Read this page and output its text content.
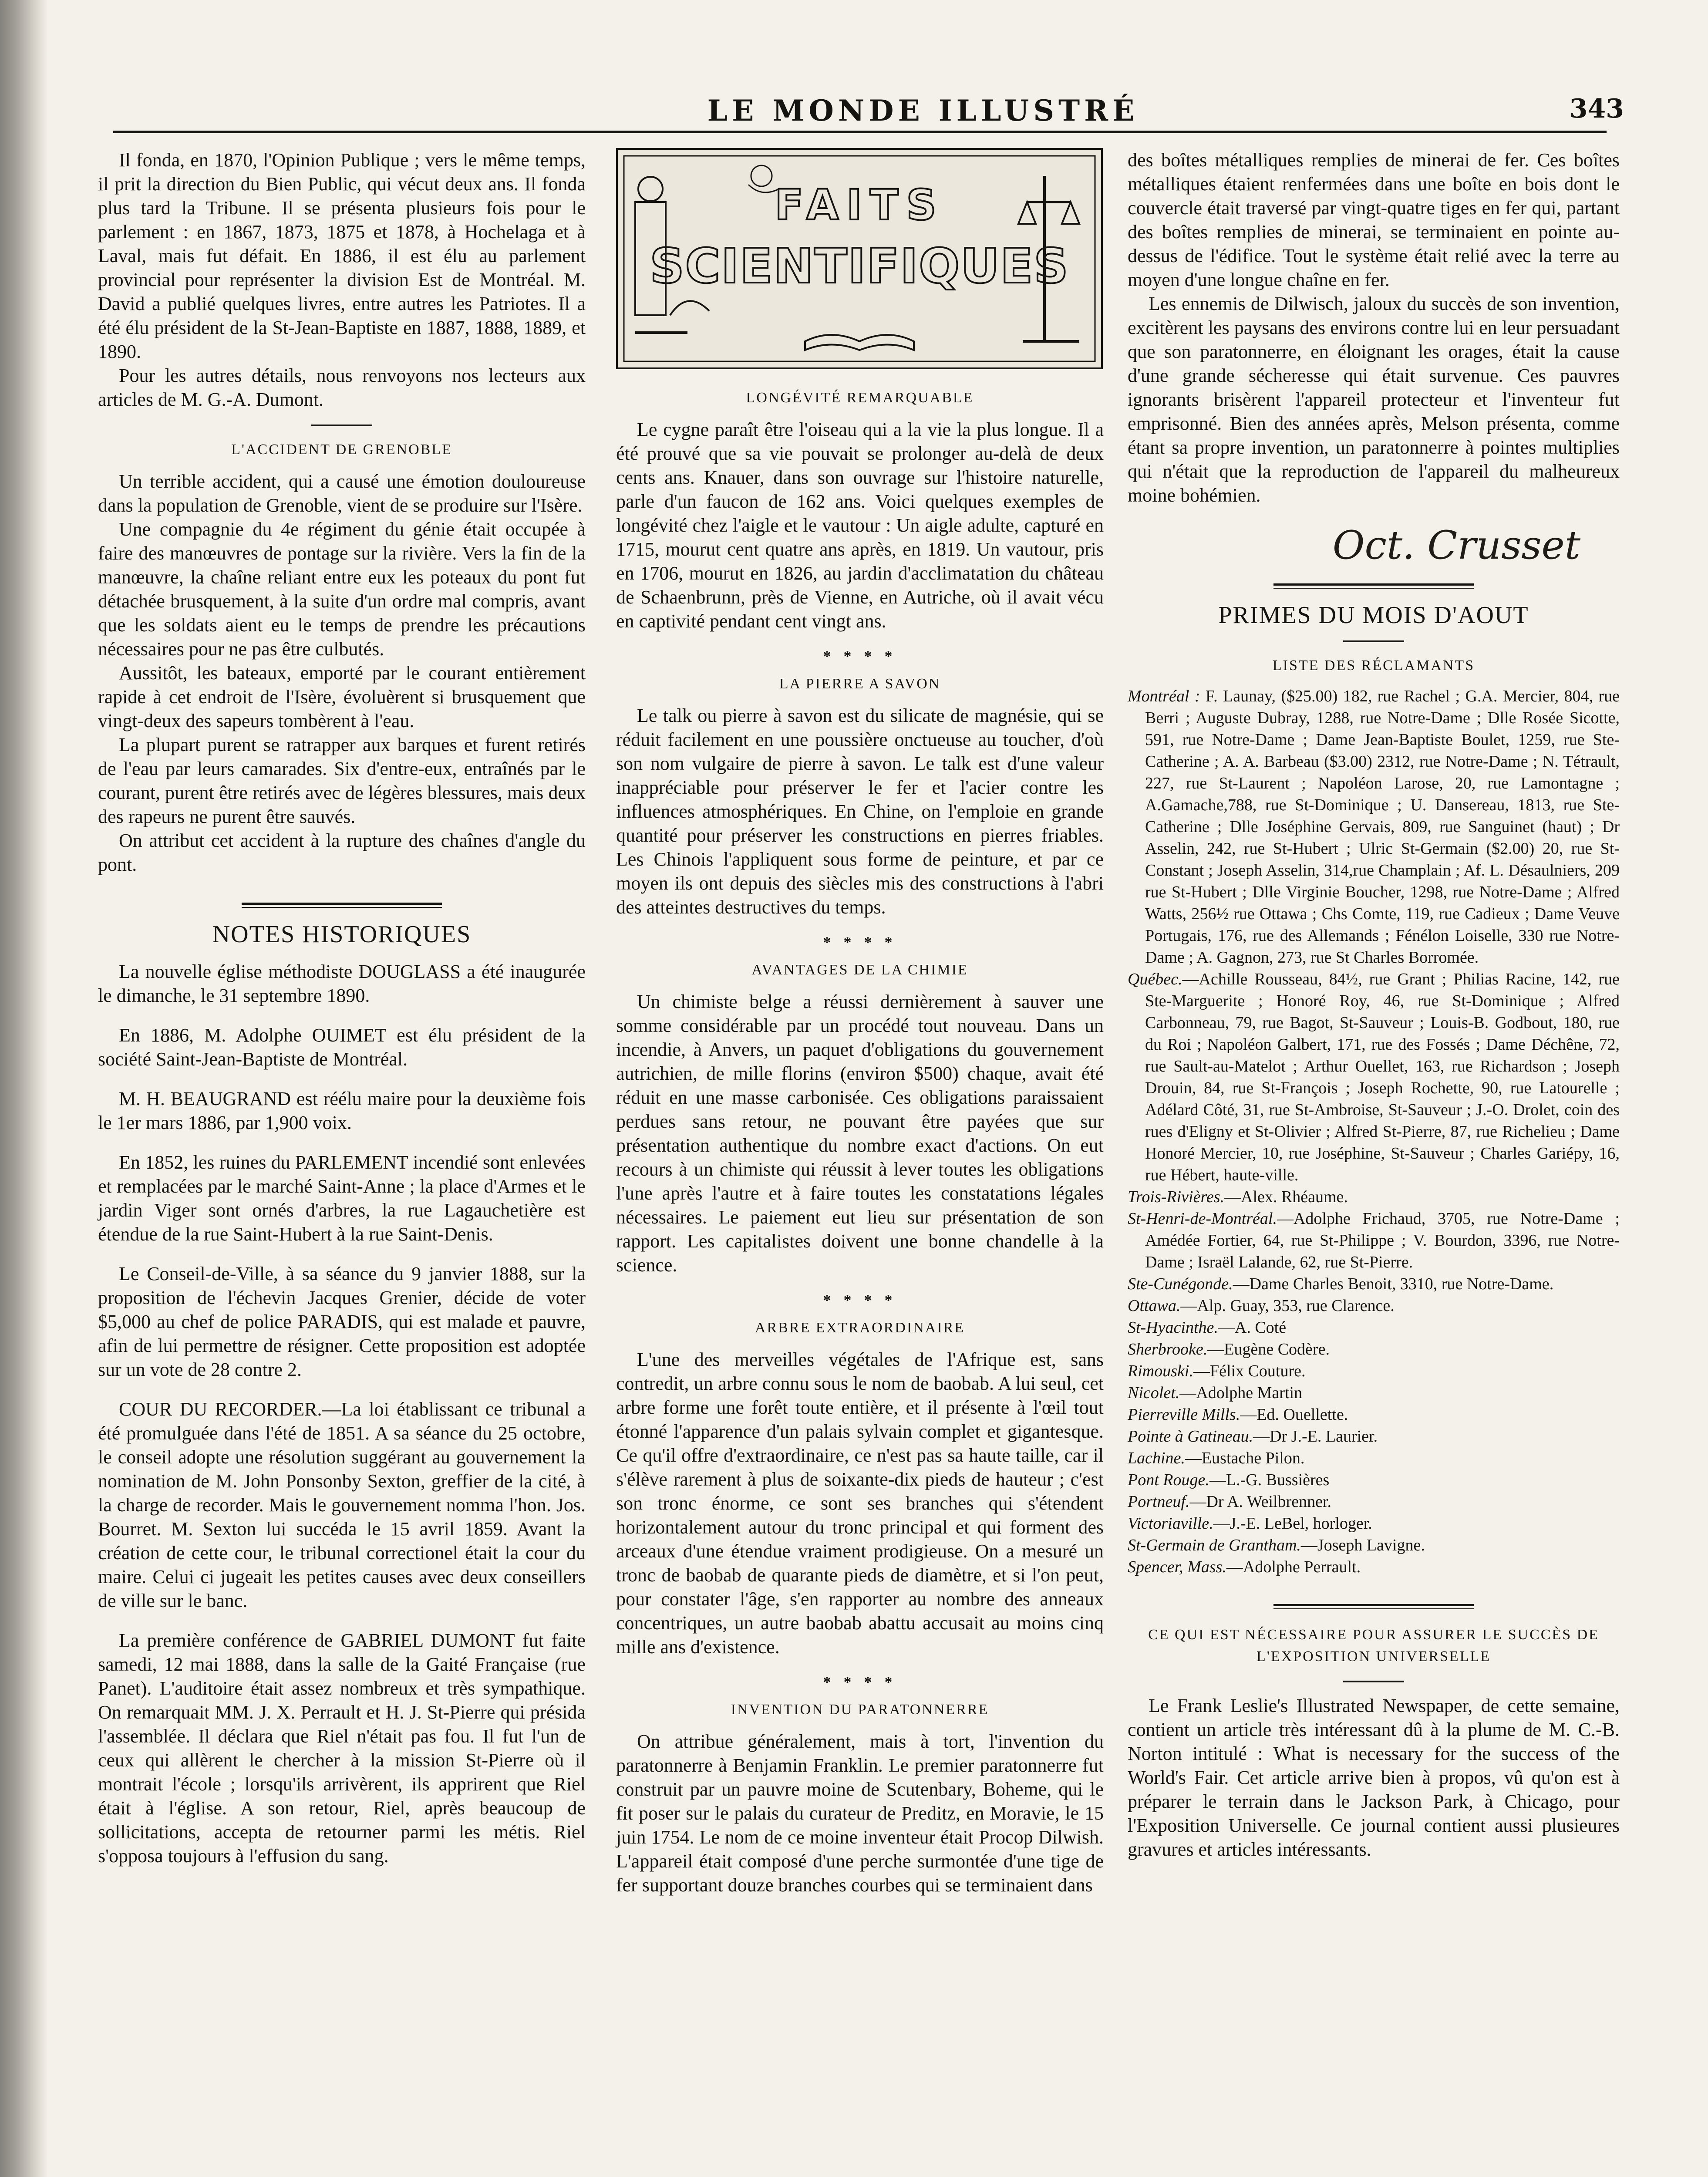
LE MONDE ILLUSTRÉ	343

Il fonda, en 1870, l'Opinion Publique ; vers le même temps, il prit la direction du Bien Public, qui vécut deux ans. Il fonda plus tard la Tribune. Il se présenta plusieurs fois pour le parlement : en 1867, 1873, 1875 et 1878, à Hochelaga et à Laval, mais fut défait. En 1886, il est élu au parlement provincial pour représenter la division Est de Montréal. M. David a publié quelques livres, entre autres les Patriotes. Il a été élu président de la St-Jean-Baptiste en 1887, 1888, 1889, et 1890.

Pour les autres détails, nous renvoyons nos lecteurs aux articles de M. G.-A. Dumont.

L'ACCIDENT DE GRENOBLE

Un terrible accident, qui a causé une émotion douloureuse dans la population de Grenoble, vient de se produire sur l'Isère.

Une compagnie du 4e régiment du génie était occupée à faire des manœuvres de pontage sur la rivière. Vers la fin de la manœuvre, la chaîne reliant entre eux les poteaux du pont fut détachée brusquement, à la suite d'un ordre mal compris, avant que les soldats aient eu le temps de prendre les précautions nécessaires pour ne pas être culbutés.

Aussitôt, les bateaux, emporté par le courant entièrement rapide à cet endroit de l'Isère, évoluèrent si brusquement que vingt-deux des sapeurs tombèrent à l'eau.

La plupart purent se ratrapper aux barques et furent retirés de l'eau par leurs camarades. Six d'entre-eux, entraînés par le courant, purent être retirés avec de légères blessures, mais deux des rapeurs ne purent être sauvés.

On attribut cet accident à la rupture des chaînes d'angle du pont.

NOTES HISTORIQUES

La nouvelle église méthodiste DOUGLASS a été inaugurée le dimanche, le 31 septembre 1890.

En 1886, M. Adolphe OUIMET est élu président de la société Saint-Jean-Baptiste de Montréal.

M. H. BEAUGRAND est réélu maire pour la deuxième fois le 1er mars 1886, par 1,900 voix.

En 1852, les ruines du PARLEMENT incendié sont enlevées et remplacées par le marché Saint-Anne ; la place d'Armes et le jardin Viger sont ornés d'arbres, la rue Lagauchetière est étendue de la rue Saint-Hubert à la rue Saint-Denis.

Le Conseil-de-Ville, à sa séance du 9 janvier 1888, sur la proposition de l'échevin Jacques Grenier, décide de voter $5,000 au chef de police PARADIS, qui est malade et pauvre, afin de lui permettre de résigner. Cette proposition est adoptée sur un vote de 28 contre 2.

COUR DU RECORDER.—La loi établissant ce tribunal a été promulguée dans l'été de 1851. A sa séance du 25 octobre, le conseil adopte une résolution suggérant au gouvernement la nomination de M. John Ponsonby Sexton, greffier de la cité, à la charge de recorder. Mais le gouvernement nomma l'hon. Jos. Bourret. M. Sexton lui succéda le 15 avril 1859. Avant la création de cette cour, le tribunal correctionel était la cour du maire. Celui ci jugeait les petites causes avec deux conseillers de ville sur le banc.

La première conférence de GABRIEL DUMONT fut faite samedi, 12 mai 1888, dans la salle de la Gaité Française (rue Panet). L'auditoire était assez nombreux et très sympathique. On remarquait MM. J. X. Perrault et H. J. St-Pierre qui présida l'assemblée. Il déclara que Riel n'était pas fou. Il fut l'un de ceux qui allèrent le chercher à la mission St-Pierre où il montrait l'école ; lorsqu'ils arrivèrent, ils apprirent que Riel était à l'église. A son retour, Riel, après beaucoup de sollicitations, accepta de retourner parmi les métis. Riel s'opposa toujours à l'effusion du sang.

FAITS
SCIENTIFIQUES
LONGÉVITÉ REMARQUABLE

Le cygne paraît être l'oiseau qui a la vie la plus longue. Il a été prouvé que sa vie pouvait se prolonger au-delà de deux cents ans. Knauer, dans son ouvrage sur l'histoire naturelle, parle d'un faucon de 162 ans. Voici quelques exemples de longévité chez l'aigle et le vautour : Un aigle adulte, capturé en 1715, mourut cent quatre ans après, en 1819. Un vautour, pris en 1706, mourut en 1826, au jardin d'acclimatation du château de Schaenbrunn, près de Vienne, en Autriche, où il avait vécu en captivité pendant cent vingt ans.

* * * *
LA PIERRE A SAVON

Le talk ou pierre à savon est du silicate de magnésie, qui se réduit facilement en une poussière onctueuse au toucher, d'où son nom vulgaire de pierre à savon. Le talk est d'une valeur inappréciable pour préserver le fer et l'acier contre les influences atmosphériques. En Chine, on l'emploie en grande quantité pour préserver les constructions en pierres friables. Les Chinois l'appliquent sous forme de peinture, et par ce moyen ils ont depuis des siècles mis des constructions à l'abri des atteintes destructives du temps.

* * * *
AVANTAGES DE LA CHIMIE

Un chimiste belge a réussi dernièrement à sauver une somme considérable par un procédé tout nouveau. Dans un incendie, à Anvers, un paquet d'obligations du gouvernement autrichien, de mille florins (environ $500) chaque, avait été réduit en une masse carbonisée. Ces obligations paraissaient perdues sans retour, ne pouvant être payées que sur présentation authentique du nombre exact d'actions. On eut recours à un chimiste qui réussit à lever toutes les obligations l'une après l'autre et à faire toutes les constatations légales nécessaires. Le paiement eut lieu sur présentation de son rapport. Les capitalistes doivent une bonne chandelle à la science.

* * * *
ARBRE EXTRAORDINAIRE

L'une des merveilles végétales de l'Afrique est, sans contredit, un arbre connu sous le nom de baobab. A lui seul, cet arbre forme une forêt toute entière, et il présente à l'œil tout étonné l'apparence d'un palais sylvain complet et gigantesque. Ce qu'il offre d'extraordinaire, ce n'est pas sa haute taille, car il s'élève rarement à plus de soixante-dix pieds de hauteur ; c'est son tronc énorme, ce sont ses branches qui s'étendent horizontalement autour du tronc principal et qui forment des arceaux d'une étendue vraiment prodigieuse. On a mesuré un tronc de baobab de quarante pieds de diamètre, et si l'on peut, pour constater l'âge, s'en rapporter au nombre des anneaux concentriques, un autre baobab abattu accusait au moins cinq mille ans d'existence.

* * * *
INVENTION DU PARATONNERRE

On attribue généralement, mais à tort, l'invention du paratonnerre à Benjamin Franklin. Le premier paratonnerre fut construit par un pauvre moine de Scutenbary, Boheme, qui le fit poser sur le palais du curateur de Preditz, en Moravie, le 15 juin 1754. Le nom de ce moine inventeur était Procop Dilwish. L'appareil était composé d'une perche surmontée d'une tige de fer supportant douze branches courbes qui se terminaient dans

des boîtes métalliques remplies de minerai de fer. Ces boîtes métalliques étaient renfermées dans une boîte en bois dont le couvercle était traversé par vingt-quatre tiges en fer qui, partant des boîtes remplies de minerai, se terminaient en pointe au-dessus de l'édifice. Tout le système était relié avec la terre au moyen d'une longue chaîne en fer.

Les ennemis de Dilwisch, jaloux du succès de son invention, excitèrent les paysans des environs contre lui en leur persuadant que son paratonnerre, en éloignant les orages, était la cause d'une grande sécheresse qui était survenue. Ces pauvres ignorants brisèrent l'appareil protecteur et l'inventeur fut emprisonné. Bien des années après, Melson présenta, comme étant sa propre invention, un paratonnerre à pointes multiplies qui n'était que la reproduction de l'appareil du malheureux moine bohémien.

Oct. Crusset
PRIMES DU MOIS D'AOUT
LISTE DES RÉCLAMANTS

Montréal : F. Launay, ($25.00) 182, rue Rachel ; G.A. Mercier, 804, rue Berri ; Auguste Dubray, 1288, rue Notre-Dame ; Dlle Rosée Sicotte, 591, rue Notre-Dame ; Dame Jean-Baptiste Boulet, 1259, rue Ste-Catherine ; A. A. Barbeau ($3.00) 2312, rue Notre-Dame ; N. Tétrault, 227, rue St-Laurent ; Napoléon Larose, 20, rue Lamontagne ; A.Gamache,788, rue St-Dominique ; U. Dansereau, 1813, rue Ste-Catherine ; Dlle Joséphine Gervais, 809, rue Sanguinet (haut) ; Dr Asselin, 242, rue St-Hubert ; Ulric St-Germain ($2.00) 20, rue St-Constant ; Joseph Asselin, 314,rue Champlain ; Af. L. Désaulniers, 209 rue St-Hubert ; Dlle Virginie Boucher, 1298, rue Notre-Dame ; Alfred Watts, 256½ rue Ottawa ; Chs Comte, 119, rue Cadieux ; Dame Veuve Portugais, 176, rue des Allemands ; Fénélon Loiselle, 330 rue Notre-Dame ; A. Gagnon, 273, rue St Charles Borromée.

Québec.—Achille Rousseau, 84½, rue Grant ; Philias Racine, 142, rue Ste-Marguerite ; Honoré Roy, 46, rue St-Dominique ; Alfred Carbonneau, 79, rue Bagot, St-Sauveur ; Louis-B. Godbout, 180, rue du Roi ; Napoléon Galbert, 171, rue des Fossés ; Dame Déchêne, 72, rue Sault-au-Matelot ; Arthur Ouellet, 163, rue Richardson ; Joseph Drouin, 84, rue St-François ; Joseph Rochette, 90, rue Latourelle ; Adélard Côté, 31, rue St-Ambroise, St-Sauveur ; J.-O. Drolet, coin des rues d'Eligny et St-Olivier ; Alfred St-Pierre, 87, rue Richelieu ; Dame Honoré Mercier, 10, rue Joséphine, St-Sauveur ; Charles Gariépy, 16, rue Hébert, haute-ville.

Trois-Rivières.—Alex. Rhéaume.

St-Henri-de-Montréal.—Adolphe Frichaud, 3705, rue Notre-Dame ; Amédée Fortier, 64, rue St-Philippe ; V. Bourdon, 3396, rue Notre-Dame ; Israël Lalande, 62, rue St-Pierre.

Ste-Cunégonde.—Dame Charles Benoit, 3310, rue Notre-Dame.

Ottawa.—Alp. Guay, 353, rue Clarence.

St-Hyacinthe.—A. Coté

Sherbrooke.—Eugène Codère.

Rimouski.—Félix Couture.

Nicolet.—Adolphe Martin

Pierreville Mills.—Ed. Ouellette.

Pointe à Gatineau.—Dr J.-E. Laurier.

Lachine.—Eustache Pilon.

Pont Rouge.—L.-G. Bussières

Portneuf.—Dr A. Weilbrenner.

Victoriaville.—J.-E. LeBel, horloger.

St-Germain de Grantham.—Joseph Lavigne.

Spencer, Mass.—Adolphe Perrault.

CE QUI EST NÉCESSAIRE POUR ASSURER LE SUCCÈS DE L'EXPOSITION UNIVERSELLE

Le Frank Leslie's Illustrated Newspaper, de cette semaine, contient un article très intéressant dû à la plume de M. C.-B. Norton intitulé : What is necessary for the success of the World's Fair. Cet article arrive bien à propos, vû qu'on est à préparer le terrain dans le Jackson Park, à Chicago, pour l'Exposition Universelle. Ce journal contient aussi plusieures gravures et articles intéressants.
